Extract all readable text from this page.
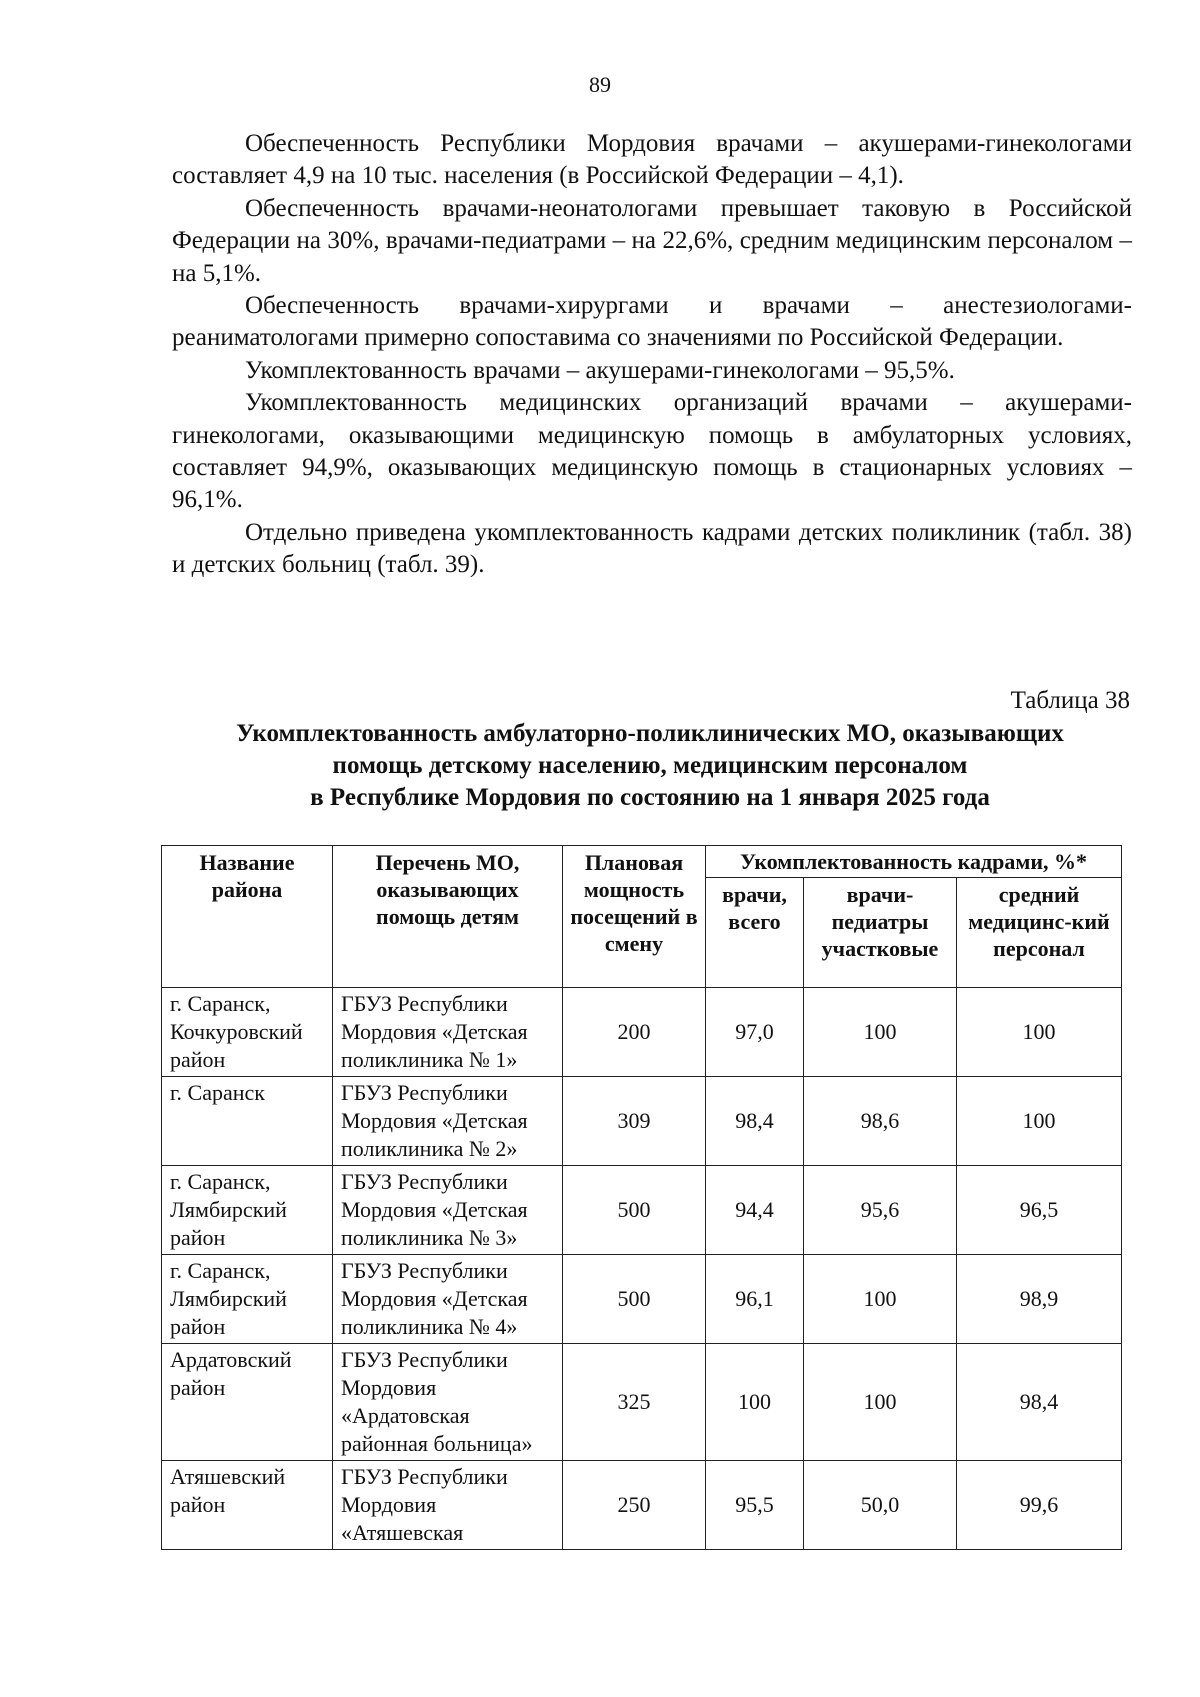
89

Обеспеченность Республики Мордовия врачами – акушерами-гинекологами составляет 4,9 на 10 тыс. населения (в Российской Федерации – 4,1).

Обеспеченность врачами-неонатологами превышает таковую в Российской Федерации на 30%, врачами-педиатрами – на 22,6%, средним медицинским персоналом – на 5,1%.

Обеспеченность врачами-хирургами и врачами – анестезиологами-реаниматологами примерно сопоставима со значениями по Российской Федерации.

Укомплектованность врачами – акушерами-гинекологами – 95,5%.

Укомплектованность медицинских организаций врачами – акушерами-гинекологами, оказывающими медицинскую помощь в амбулаторных условиях, составляет 94,9%, оказывающих медицинскую помощь в стационарных условиях – 96,1%.

Отдельно приведена укомплектованность кадрами детских поликлиник (табл. 38) и детских больниц (табл. 39).

Таблица 38
Укомплектованность амбулаторно-поликлинических МО, оказывающих
помощь детскому населению, медицинским персоналом
в Республике Мордовия по состоянию на 1 января 2025 года
Название района	Перечень МО, оказывающих помощь детям	Плановая мощность посещений в смену	Укомплектованность кадрами, %*		
			врачи, всего	врачи-педиатры участковые	средний медицинс-кий персонал
г. Саранск, Кочкуровский район	ГБУЗ Республики Мордовия «Детская поликлиника № 1»	200	97,0	100	100
г. Саранск	ГБУЗ Республики Мордовия «Детская поликлиника № 2»	309	98,4	98,6	100
г. Саранск, Лямбирский район	ГБУЗ Республики Мордовия «Детская поликлиника № 3»	500	94,4	95,6	96,5
г. Саранск, Лямбирский район	ГБУЗ Республики Мордовия «Детская поликлиника № 4»	500	96,1	100	98,9
Ардатовский район	ГБУЗ Республики Мордовия «Ардатовская районная больница»	325	100	100	98,4
Атяшевский район	ГБУЗ Республики Мордовия «Атяшевская	250	95,5	50,0	99,6
